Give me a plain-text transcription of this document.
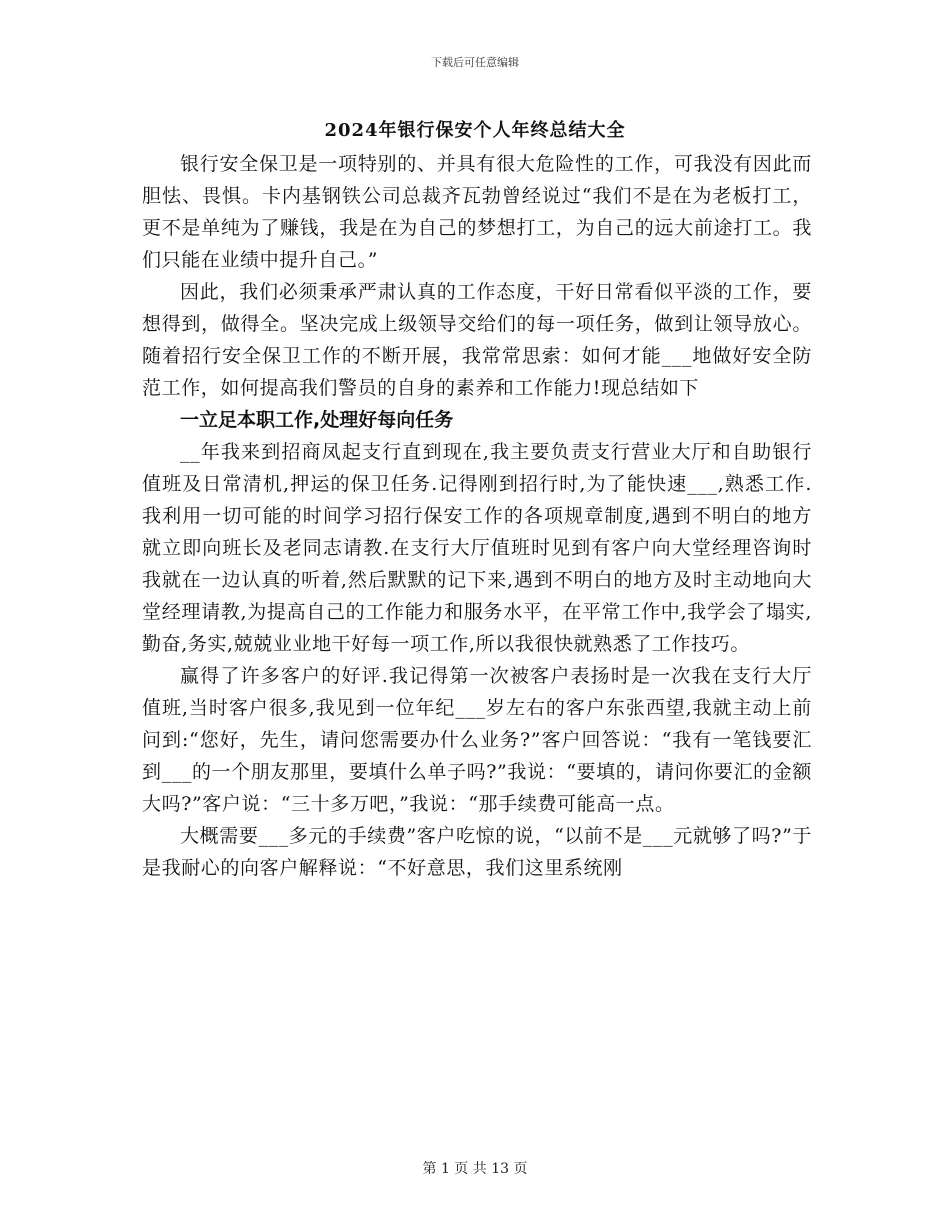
下载后可任意编辑
2024年银行保安个人年终总结大全

银行安全保卫是一项特别的、并具有很大危险性的工作，可我没有因此而胆怯、畏惧。卡内基钢铁公司总裁齐瓦勃曾经说过“我们不是在为老板打工，更不是单纯为了赚钱，我是在为自己的梦想打工，为自己的远大前途打工。我们只能在业绩中提升自己。”

因此，我们必须秉承严肃认真的工作态度，干好日常看似平淡的工作，要想得到，做得全。坚决完成上级领导交给们的每一项任务，做到让领导放心。随着招行安全保卫工作的不断开展，我常常思索：如何才能___地做好安全防范工作，如何提高我们警员的自身的素养和工作能力!现总结如下

一立足本职工作,处理好每向任务

__年我来到招商凤起支行直到现在,我主要负责支行营业大厅和自助银行值班及日常清机,押运的保卫任务.记得刚到招行时,为了能快速___,熟悉工作.我利用一切可能的时间学习招行保安工作的各项规章制度,遇到不明白的地方就立即向班长及老同志请教.在支行大厅值班时见到有客户向大堂经理咨询时我就在一边认真的听着,然后默默的记下来,遇到不明白的地方及时主动地向大堂经理请教,为提高自己的工作能力和服务水平，在平常工作中,我学会了塌实,勤奋,务实,兢兢业业地干好每一项工作,所以我很快就熟悉了工作技巧。

赢得了许多客户的好评.我记得第一次被客户表扬时是一次我在支行大厅值班,当时客户很多,我见到一位年纪___岁左右的客户东张西望,我就主动上前问到:“您好，先生，请问您需要办什么业务?”客户回答说：“我有一笔钱要汇到___的一个朋友那里，要填什么单子吗?”我说：“要填的，请问你要汇的金额大吗?”客户说：“三十多万吧，”我说：“那手续费可能高一点。

大概需要___多元的手续费”客户吃惊的说，“以前不是___元就够了吗?”于是我耐心的向客户解释说：“不好意思，我们这里系统刚

第 1 页 共 13 页
